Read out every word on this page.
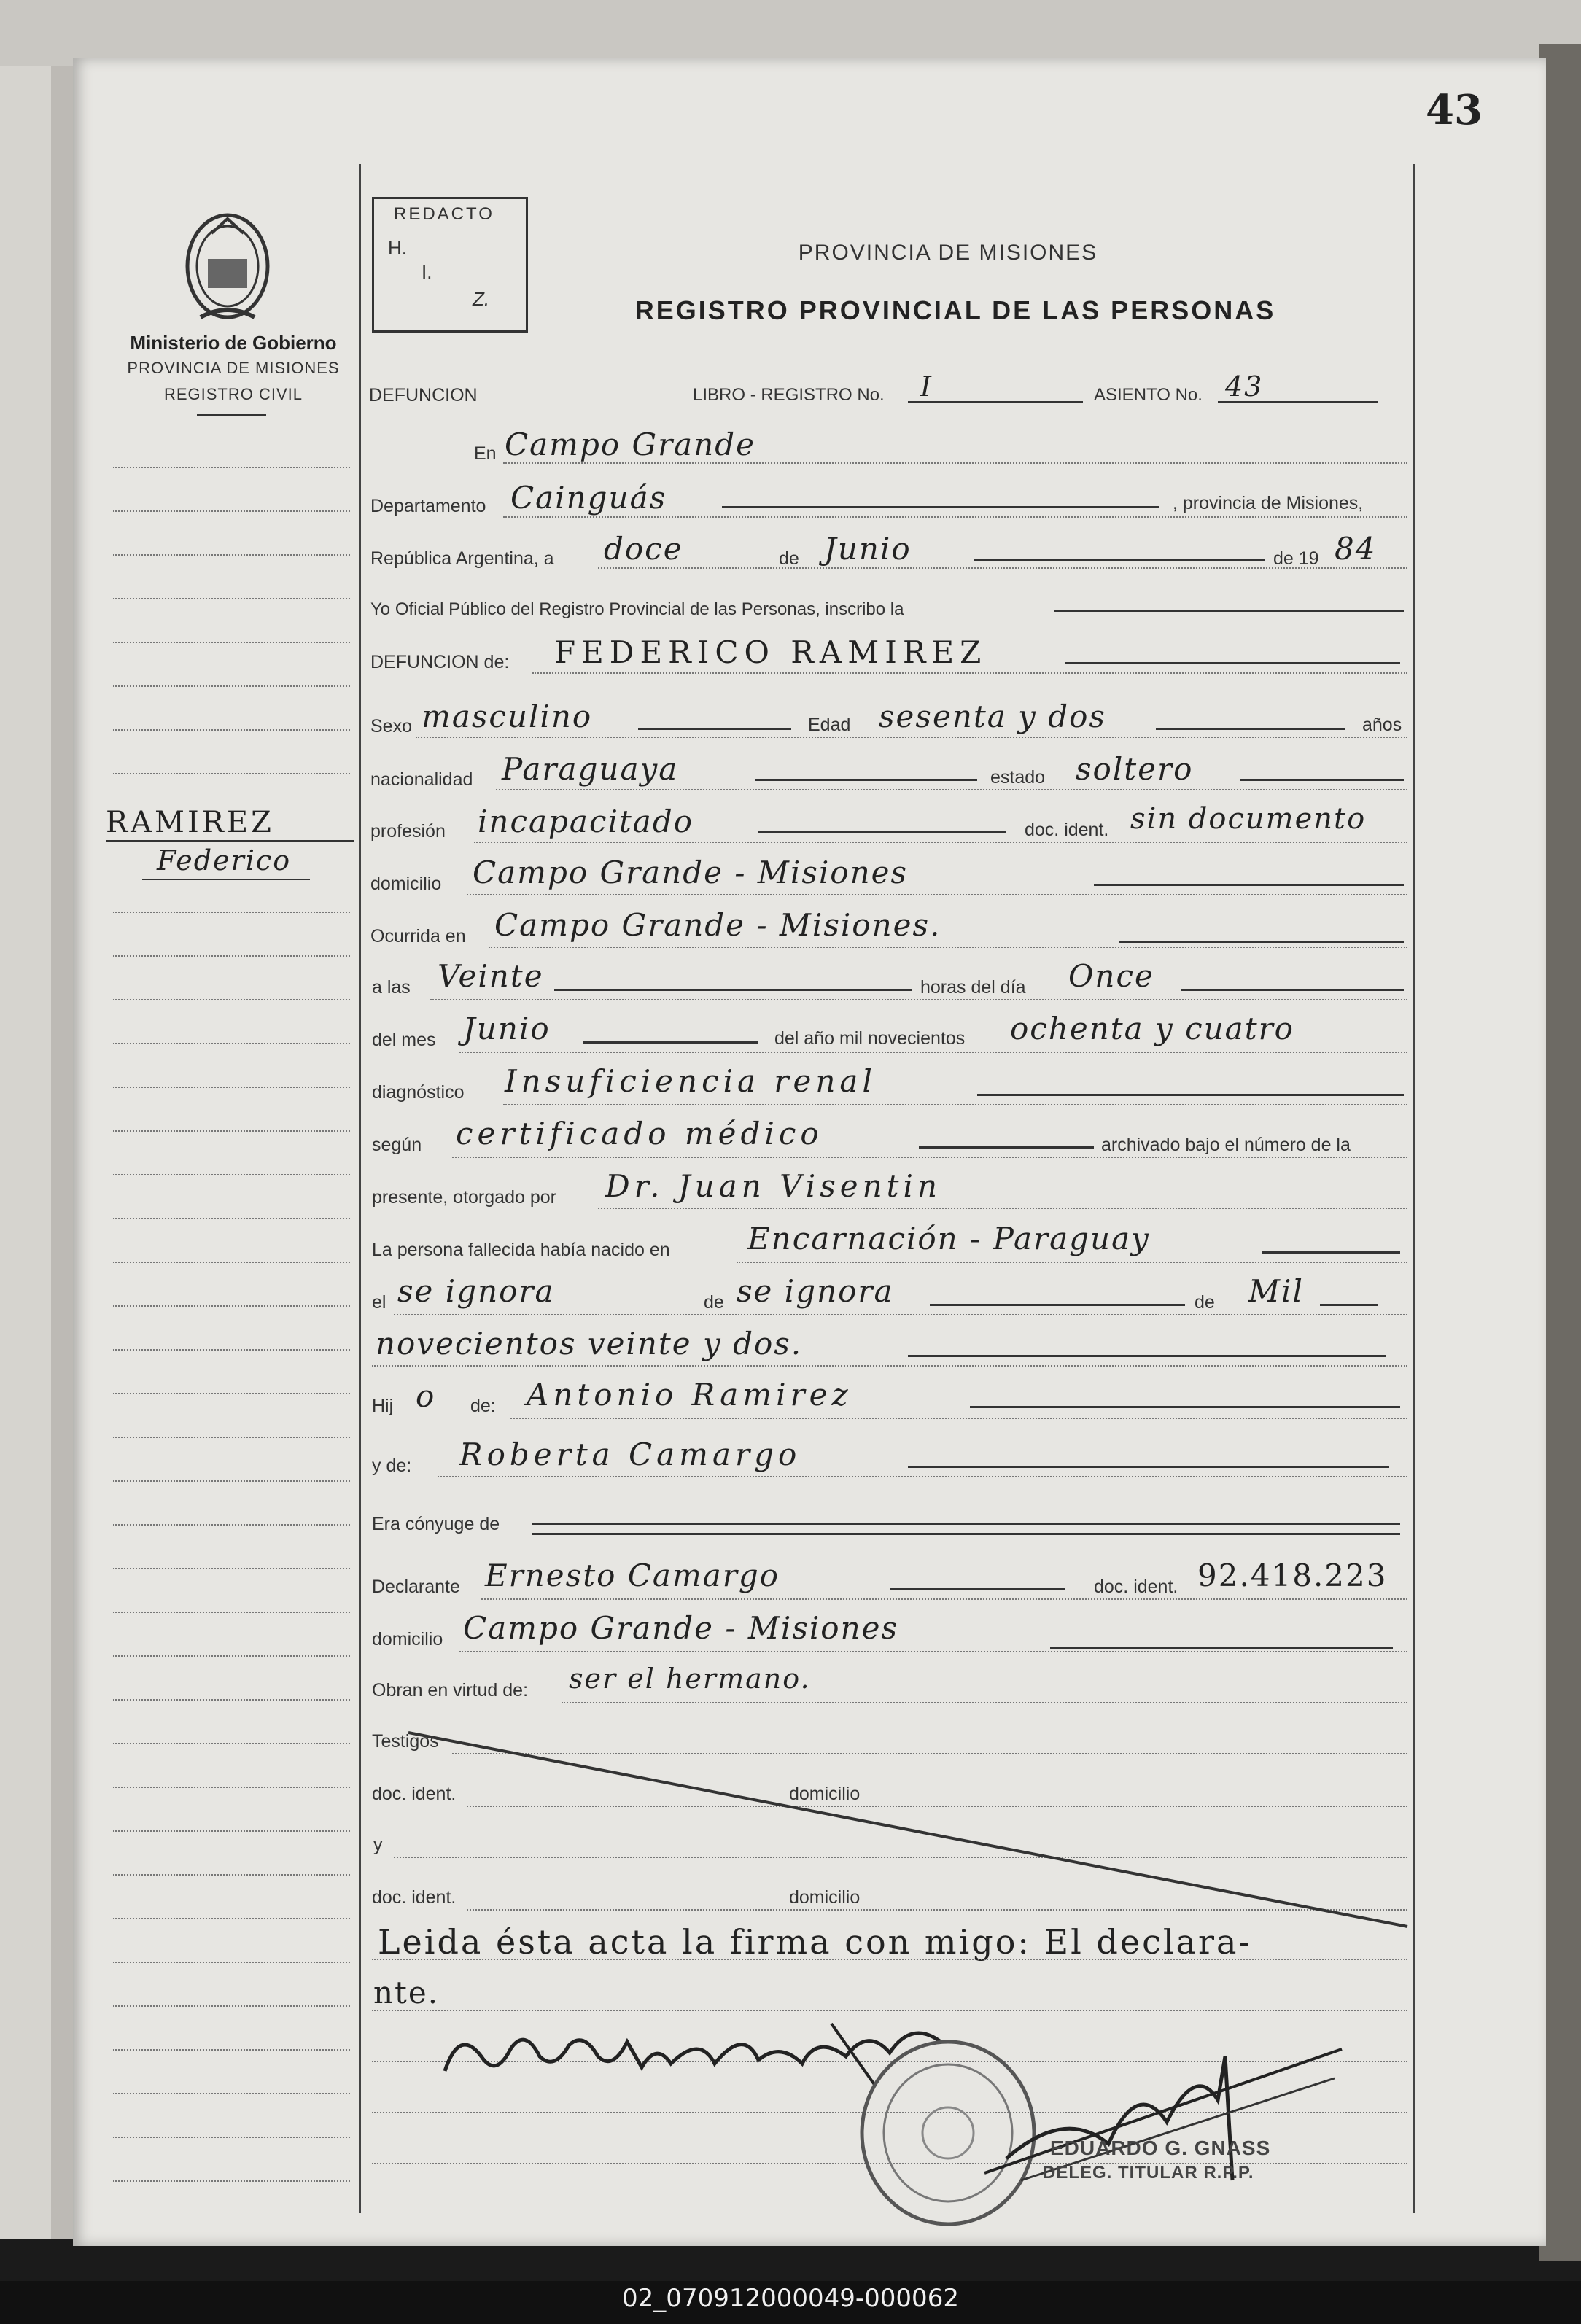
43
Ministerio de Gobierno
PROVINCIA DE MISIONES
REGISTRO CIVIL
REDACTO
H.
I.
Z.
PROVINCIA DE MISIONES
REGISTRO PROVINCIAL DE LAS PERSONAS
DEFUNCION	LIBRO - REGISTRO No. I	ASIENTO No. 43
RAMIREZ
Federico
En Campo Grande
Departamento Cainguás	, provincia de Misiones,
República Argentina, a doce	de Junio	de 19 84
Yo Oficial Público del Registro Provincial de las Personas, inscribo la
DEFUNCION de: FEDERICO RAMIREZ
Sexo masculino	Edad sesenta y dos	años
nacionalidad Paraguaya	estado soltero
profesión incapacitado	doc. ident. sin documento
domicilio Campo Grande - Misiones
Ocurrida en Campo Grande - Misiones.
a las Veinte	horas del día Once
del mes Junio	del año mil novecientos ochenta y cuatro
diagnóstico Insuficiencia renal
según certificado médico	archivado bajo el número de la
presente, otorgado por Dr. Juan Visentin
La persona fallecida había nacido en	Encarnación - Paraguay
el se ignora	de se ignora	de Mil
novecientos veinte y dos.
Hij o de: Antonio Ramirez
y de: Roberta Camargo
Era cónyuge de
Declarante Ernesto Camargo	doc. ident. 92.418.223
domicilio Campo Grande - Misiones
Obran en virtud de: ser el hermano.
Testigos
doc. ident.	domicilio
y
doc. ident.	domicilio
Leida ésta acta la firma con migo: El declara-
nte.
EDUARDO G. GNASS
DELEG. TITULAR R.P.P.
02_070912000049-000062
